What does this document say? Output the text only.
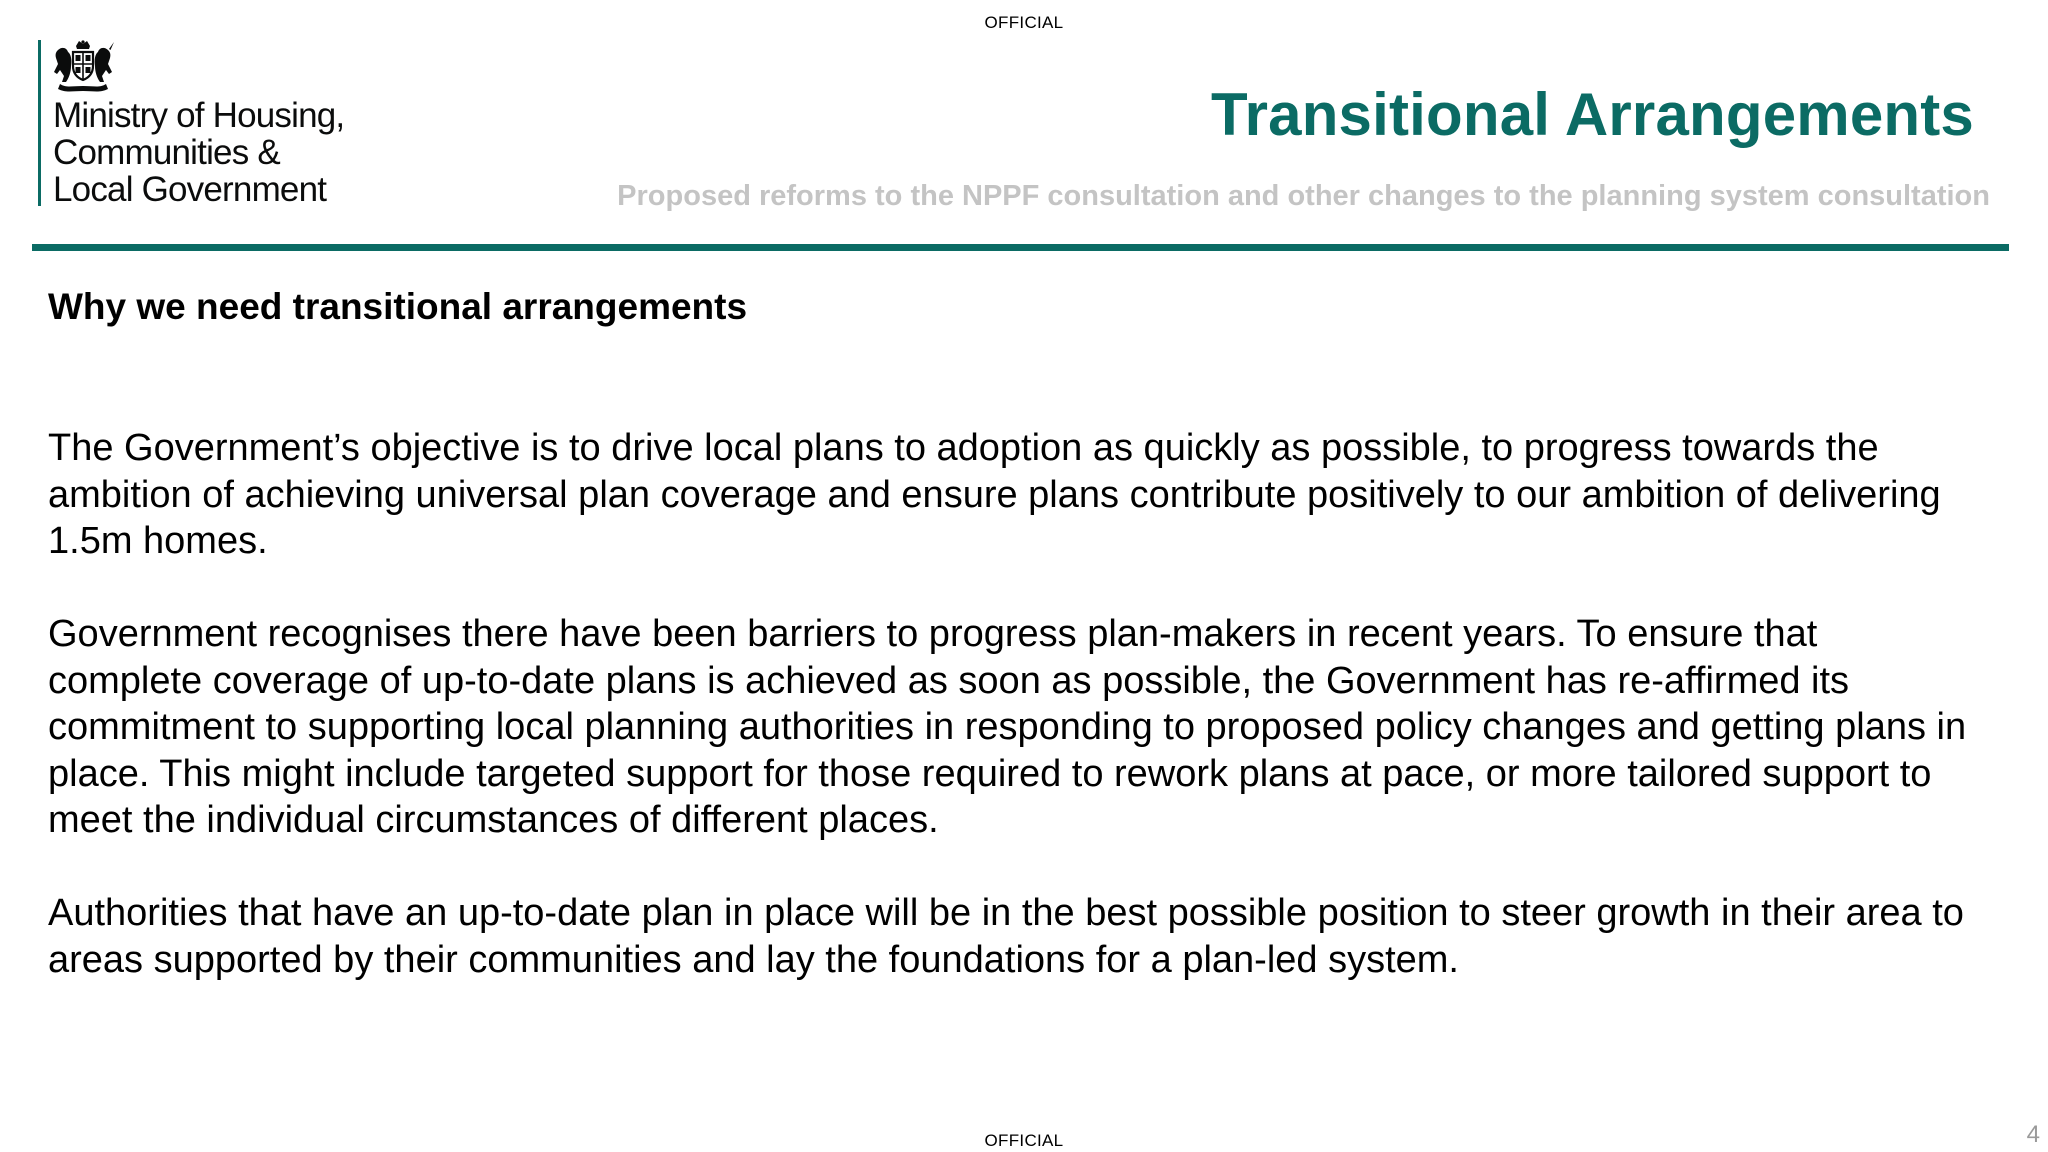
OFFICIAL
Ministry of Housing,
Communities &
Local Government
Transitional Arrangements
Proposed reforms to the NPPF consultation and other changes to the planning system consultation
Why we need transitional arrangements

The Government’s objective is to drive local plans to adoption as quickly as possible, to progress towards the ambition of achieving universal plan coverage and ensure plans contribute positively to our ambition of delivering 1.5m homes.

Government recognises there have been barriers to progress plan-makers in recent years. To ensure that complete coverage of up-to-date plans is achieved as soon as possible, the Government has re-affirmed its commitment to supporting local planning authorities in responding to proposed policy changes and getting plans in place. This might include targeted support for those required to rework plans at pace, or more tailored support to meet the individual circumstances of different places.

Authorities that have an up-to-date plan in place will be in the best possible position to steer growth in their area to areas supported by their communities and lay the foundations for a plan-led system.

OFFICIAL	4
